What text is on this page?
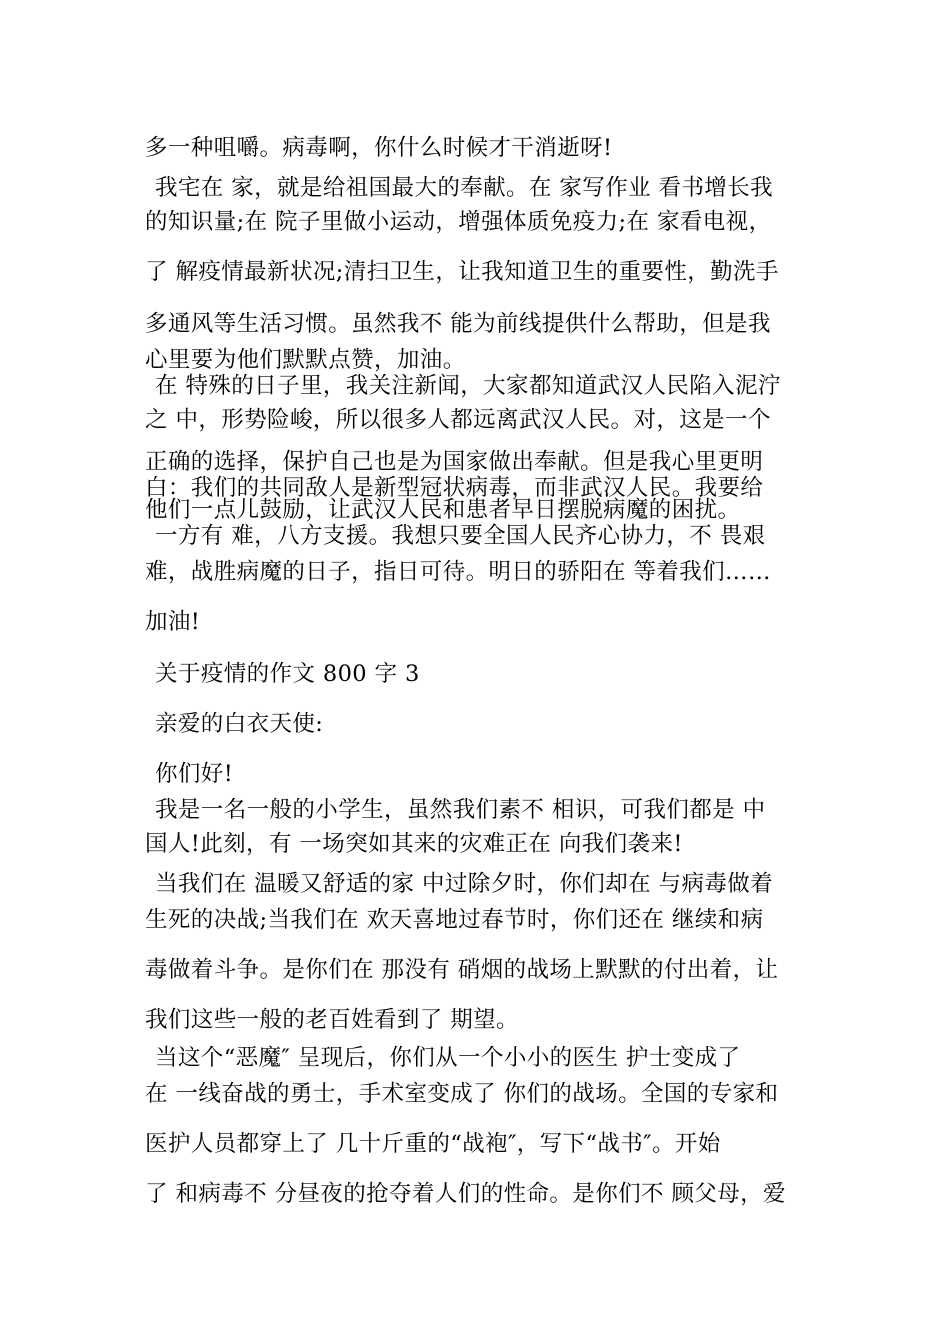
多一种咀嚼。病毒啊，你什么时候才干消逝呀!
我宅在 家，就是给祖国最大的奉献。在 家写作业 看书增长我
的知识量;在 院子里做小运动，增强体质免疫力;在 家看电视，
了 解疫情最新状况;清扫卫生，让我知道卫生的重要性，勤洗手
多通风等生活习惯。虽然我不 能为前线提供什么帮助，但是我
心里要为他们默默点赞，加油。
在 特殊的日子里，我关注新闻，大家都知道武汉人民陷入泥泞
之 中，形势险峻，所以很多人都远离武汉人民。对，这是一个
正确的选择，保护自己也是为国家做出奉献。但是我心里更明
白：我们的共同敌人是新型冠状病毒，而非武汉人民。我要给
他们一点儿鼓励，让武汉人民和患者早日摆脱病魔的困扰。
一方有 难，八方支援。我想只要全国人民齐心协力，不 畏艰
难，战胜病魔的日子，指日可待。明日的骄阳在 等着我们……
加油!
关于疫情的作文 800 字 3
亲爱的白衣天使:
你们好!
我是一名一般的小学生，虽然我们素不 相识，可我们都是 中
国人!此刻，有 一场突如其来的灾难正在 向我们袭来!
当我们在 温暖又舒适的家 中过除夕时，你们却在 与病毒做着
生死的决战;当我们在 欢天喜地过春节时，你们还在 继续和病
毒做着斗争。是你们在 那没有 硝烟的战场上默默的付出着，让
我们这些一般的老百姓看到了 期望。
当这个“恶魔″ 呈现后，你们从一个小小的医生 护士变成了
在 一线奋战的勇士，手术室变成了 你们的战场。全国的专家和
医护人员都穿上了 几十斤重的“战袍″，写下“战书″。开始
了 和病毒不 分昼夜的抢夺着人们的性命。是你们不 顾父母，爱
